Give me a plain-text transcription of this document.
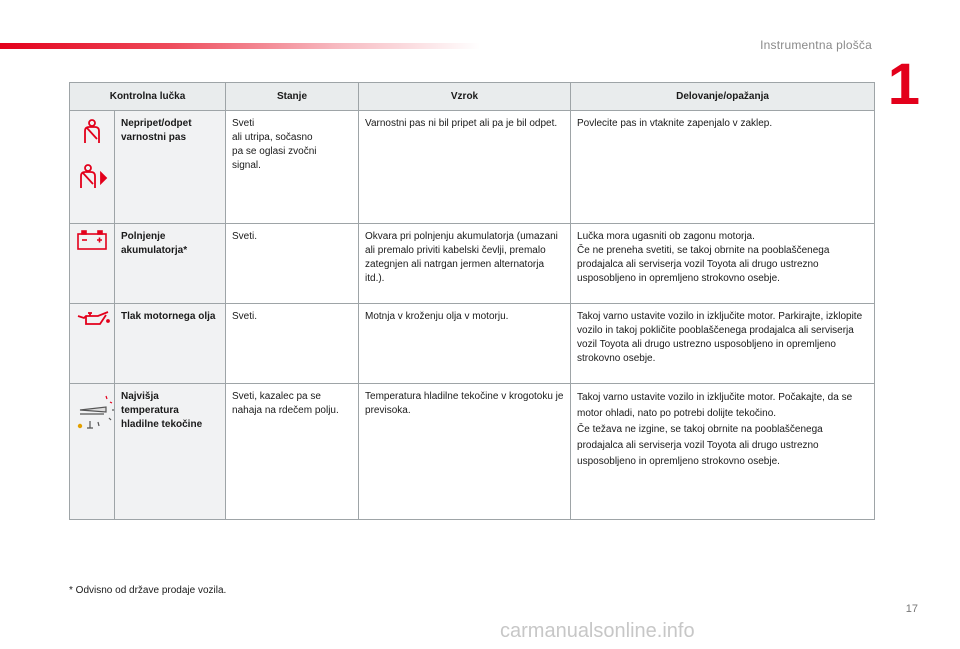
Instrumentna plošča
1
Kontrolna lučka		Stanje	Vzrok	Delovanje/opažanja

	Nepripet/odpet varnostni pas	Sveti
ali utripa, sočasno
pa se oglasi zvočni
signal.	Varnostni pas ni bil pripet ali pa je bil odpet.	Povlecite pas in vtaknite zapenjalo v zaklep.
	Polnjenje akumulatorja*	Sveti.	Okvara pri polnjenju akumulatorja (umazani ali premalo priviti kabelski čevlji, premalo zategnjen ali natrgan jermen alternatorja itd.).	Lučka mora ugasniti ob zagonu motorja.
Če ne preneha svetiti, se takoj obrnite na pooblaščenega prodajalca ali serviserja vozil Toyota ali drugo ustrezno usposobljeno in opremljeno strokovno osebje.
	Tlak motornega olja	Sveti.	Motnja v kroženju olja v motorju.	Takoj varno ustavite vozilo in izključite motor. Parkirajte, izklopite vozilo in takoj pokličite pooblaščenega prodajalca ali serviserja vozil Toyota ali drugo ustrezno usposobljeno in opremljeno strokovno osebje.
	Najvišja temperatura hladilne tekočine	Sveti, kazalec pa se nahaja na rdečem polju.	Temperatura hladilne tekočine v krogotoku je previsoka.	Takoj varno ustavite vozilo in izključite motor. Počakajte, da se motor ohladi, nato po potrebi dolijte tekočino.
Če težava ne izgine, se takoj obrnite na pooblaščenega prodajalca ali serviserja vozil Toyota ali drugo ustrezno usposobljeno in opremljeno strokovno osebje.
* Odvisno od države prodaje vozila.
17
carmanualsonline.info
